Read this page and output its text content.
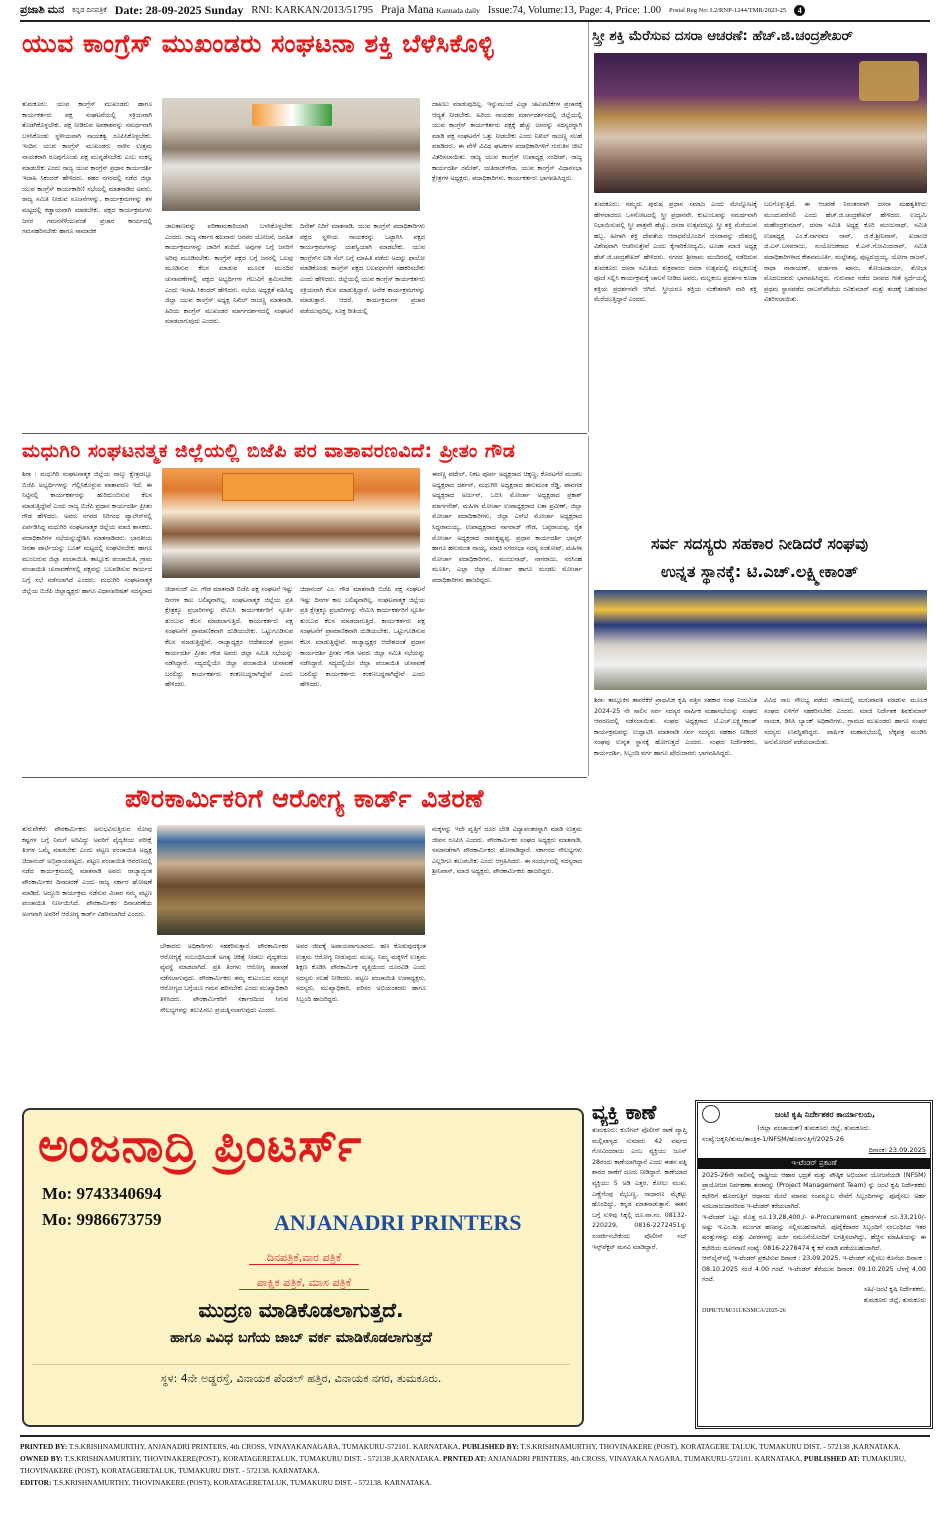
ಪ್ರಜಾಶಿ ಮನ ಕನ್ನಡ ದಿನಪತ್ರಿಕೆ Date: 28-09-2025 Sunday RNI: KARKAN/2013/51795 Praja Mana Kannada daily Issue:74, Volume:13, Page: 4, Price: 1.00 Postal Reg No: L2/RNP-1244/TMR/2023-25	4
ಯುವ ಕಾಂಗ್ರೆಸ್ ಮುಖಂಡರು ಸಂಘಟನಾ ಶಕ್ತಿ ಬೆಳೆಸಿಕೊಳ್ಳಿ
ತುಮಕೂರು: ಯುವ ಕಾಂಗ್ರೆಸ್ ಮುಖಂಡರು ಹಾಗೂ ಕಾರ್ಯಕರ್ತರು ಪಕ್ಷ ಸಂಘಟನೆಯಲ್ಲಿ ಸಕ್ರಿಯವಾಗಿ ತೊಡಗಿಕೊಳ್ಳಬೇಕು. ಪಕ್ಷ ನೀಡಿರುವ ಅವಕಾಶವನ್ನು ಸಮರ್ಥವಾಗಿ ಬಳಸಿಕೊಂಡು ಸ್ಥಳೀಯವಾಗಿ ನಾಯಕತ್ವ ರೂಪಿಸಿಕೊಳ್ಳಬೇಕು. ಇಂದಿನ ಯುವ ಕಾಂಗ್ರೆಸ್ ಮುಖಂಡರು ನಾಳಿನ ಉತ್ತಮ ನಾಯಕರಾಗಿ ರೂಪುಗೊಂಡು ಪಕ್ಷ ಮುನ್ನಡೆಸಬೇಕು ಎಂಬ ಸಂಕಲ್ಪ ಮಾಡಬೇಕು ಎಂದು ರಾಜ್ಯ ಯುವ ಕಾಂಗ್ರೆಸ್ ಪ್ರಧಾನ ಕಾರ್ಯದರ್ಶಿ ಇಲಾಹಿ ಸಿಕಂದರ್ ಹೇಳಿದರು. ಶಹರ ನಗರದಲ್ಲಿ ನಡೆದ ಜಿಲ್ಲಾ ಯುವ ಕಾಂಗ್ರೆಸ್ ಕಾರ್ಯಕಾರಿಣಿ ಸಭೆಯಲ್ಲಿ ಮಾತನಾಡಿದ ಅವರು, ರಾಜ್ಯ ಸಮಿತಿ ನೀಡುವ ಸೂಚನೆಗಳನ್ನು, ಕಾರ್ಯಕ್ರಮಗಳನ್ನು ತಳ ಮಟ್ಟದಲ್ಲಿ ಕಡ್ಡಾಯವಾಗಿ ಮಾಡಬೇಕು. ಪಕ್ಷದ ಕಾರ್ಯಕ್ರಮಗಳು ಜನರ ಗಮನಸೆಳೆಯುವಂತೆ ಪ್ರಚಾರ ಕಾರ್ಯದಲ್ಲಿ ಗಮನಹರಿಸಬೇಕು ಹಾಗೂ ಸಾಮಾಜಿಕ
ಜಾಲತಾಣವನ್ನು ಪರಿಣಾಮಕಾರಿಯಾಗಿ ಬಳಸಿಕೊಳ್ಳಬೇಕು ಎಂದರು. ರಾಜ್ಯ ಸರ್ಕಾರ ಹಲವಾರು ಜನಪರ ಯೋಜನೆ, ಜನಹಿತ ಕಾರ್ಯಕ್ರಮಗಳನ್ನು ಜಾರಿಗೆ ತಂದಿದೆ. ಅವುಗಳ ಬಗ್ಗೆ ಜನರಿಗೆ ಅರಿವು ಮೂಡಿಸಬೇಕು. ಕಾಂಗ್ರೆಸ್ ಪಕ್ಷದ ಬಗ್ಗೆ ಜನರಲ್ಲಿ ಒಲವು ಮೂಡಿಸುವ ಕೆಲಸ ಮಾಡುವ ಮೂಲಕ ಮುಂದಿನ ಚುನಾವಣೆಗಳಲ್ಲಿ ಪಕ್ಷದ ಅಭ್ಯರ್ಥಿಗಳ ಗೆಲುವಿಗೆ ಶ್ರಮಿಸಬೇಕು ಎಂದು ಇಲಾಹಿ ಸಿಕಂದರ್ ಹೇಳಿದರು. ಸಭೆಯ ಅಧ್ಯಕ್ಷತೆ ವಹಿಸಿದ್ದ ಜಿಲ್ಲಾ ಯುವ ಕಾಂಗ್ರೆಸ್ ಅಧ್ಯಕ್ಷ ನಿಖಿಲ್ ರಾಜಣ್ಣ ಮಾತನಾಡಿ, ಹಿರಿಯ ಕಾಂಗ್ರೆಸ್ ಮುಖಂಡರ ಮಾರ್ಗದರ್ಶನದಲ್ಲಿ ಸಂಘಟನೆ ಮಾಡಲಾಗುವುದು ಎಂದರು.
ದಿನೇಶ್ ನಿರಿಗೆ ಮಾತನಾಡಿ, ಯುವ ಕಾಂಗ್ರೆಸ್ ಪದಾಧಿಕಾರಿಗಳು ಪಕ್ಷದ ಸ್ಥಳೀಯ ನಾಯಕರನ್ನು ಒಟ್ಟಾಗಿಸಿ ಪಕ್ಷದ ಕಾರ್ಯಕ್ರಮಗಳನ್ನು ಯಶಸ್ವಿಯಾಗಿ ಮಾಡಬೇಕು. ಯುವ ಕಾಂಗ್ರೆಸ್‌ನ ಐಡಿ ಸೆಲ್ ಬಗ್ಗೆ ಮಾಹಿತಿ ಪಡೆದು ಅದನ್ನು ಫಾಲೋ ಮಾಡಿಕೊಂಡು ಕಾಂಗ್ರೆಸ್ ಪಕ್ಷದ ಬಲವರ್ಧನೆಗೆ ಸಹಕರಿಸಬೇಕು ಎಂದು ಹೇಳಿದರು. ಜಿಲ್ಲೆಯಲ್ಲಿ ಯುವ ಕಾಂಗ್ರೆಸ್ ಕಾರ್ಯಕರ್ತರು ಸಕ್ರಿಯವಾಗಿ ಕೆಲಸ ಮಾಡುತ್ತಿದ್ದಾರೆ. ಅನೇಕ ಕಾರ್ಯಕ್ರಮಗಳನ್ನು ಮಾಡುತ್ತಾರೆ. ಆದರೆ, ಕಾರ್ಯಕ್ರಮಗಳ ಪ್ರಚಾರ ಪಡೆಯುವುದಿಲ್ಲ, ಸೂಕ್ತ ರೀತಿಯಲ್ಲಿ
ದಾಖಲು ಮಾಡುವುದಿಲ್ಲ. ಇನ್ನುಮುಂದೆ ಎಲ್ಲಾ ಚಟುವಟಿಕೆಗಳ ಪ್ರಚಾರಕ್ಕೆ ಆದ್ಯತೆ ನೀಡಬೇಕು. ಹಿರಿಯ ನಾಯಕರ ಮಾರ್ಗದರ್ಶನದಲ್ಲಿ ಜಿಲ್ಲೆಯಲ್ಲಿ ಯುವ ಕಾಂಗ್ರೆಸ್ ಕಾರ್ಯಕರ್ತರು ಪಕ್ಷಕ್ಕೆ ಹೆಚ್ಚು ಜನರನ್ನು ಸದಸ್ಯರನ್ನಾಗಿ ಮಾಡಿ ಪಕ್ಷ ಸಂಘಟನೆಗೆ ಒತ್ತು ನೀಡಬೇಕು ಎಂದು ನಿಖಿಲ್ ರಾಜಣ್ಣ ಸಲಹೆ ಮಾಡಿದರು. ಈ ವೇಳೆ ವಿವಿಧ ಘಟಕಗಳ ಪದಾಧಿಕಾರಿಗಳಿಗೆ ಗುರುತಿನ ಚೀಟಿ ವಿತರಿಸಲಾಯಿತು. ರಾಜ್ಯ ಯುವ ಕಾಂಗ್ರೆಸ್ ಉಪಾಧ್ಯಕ್ಷ ಸಂದೀಪ್, ರಾಜ್ಯ ಕಾರ್ಯದರ್ಶಿ ರಮೇಶ್, ಯತಿರಾಜ್‌ಗೌಡ, ಯುವ ಕಾಂಗ್ರೆಸ್ ವಿಧಾನಸಭಾ ಕ್ಷೇತ್ರಗಳ ಅಧ್ಯಕ್ಷರು, ಪದಾಧಿಕಾರಿಗಳು, ಕಾರ್ಯಕರ್ತರು ಭಾಗವಹಿಸಿದ್ದರು.
ಸ್ತ್ರೀ ಶಕ್ತಿ ಮೆರೆಸುವ ದಸರಾ ಆಚರಣೆ: ಹೆಚ್.ಜಿ.ಚಂದ್ರಶೇಖರ್
ತುಮಕೂರು: ನಮ್ಮದು ಪುರುಷ ಪ್ರಧಾನ ಸಮಾಜ ಎಂದು ಮೇಲ್ನೋಟಕ್ಕೆ ಹೇಳಲಾದರೂ ಒಳನೋಟದಲ್ಲಿ ಸ್ತ್ರೀ ಪ್ರಧಾನವೇ. ಕುಟುಂಬವನ್ನು ಸಮರ್ಥವಾಗಿ ನಿಭಾಯಿಸುವಲ್ಲಿ ಸ್ತ್ರೀ ಪಾತ್ರವೇ ಹೆಚ್ಚು. ದಸರಾ ಉತ್ಸವದಲ್ಲೂ ಸ್ತ್ರೀ ಶಕ್ತಿ ಮೆರೆಯುವ ಹಬ್ಬ. ಹೀಗಾಗಿ ಶಕ್ತಿ ದೇವತೆಯ ಆರಾಧನೆಯೊಂದಿಗೆ ದಸರಾವನ್ನು ದೇಶದಲ್ಲಿ ವಿಶೇಷವಾಗಿ ಆಚರಿಸುತ್ತೇವೆ ಎಂದು ಕೈಗಾರಿಕೋದ್ಯಮಿ, ಟೂಡಾ ಮಾಜಿ ಅಧ್ಯಕ್ಷ ಹೆಚ್.ಜಿ.ಚಂದ್ರಶೇಖರ್ ಹೇಳಿದರು. ನಗರದ ಶ್ರೀರಾಮ ಮಂದಿರದಲ್ಲಿ ನಡೆದಿರುವ ತುಮಕೂರು ದಸರಾ ಸಮಿತಿಯ ಶುಕ್ರವಾರದ ದಸರಾ ಉತ್ಸವದಲ್ಲಿ ಮಲ್ಲಕಂಬಕ್ಕೆ ಪೂಜೆ ಸಲ್ಲಿಸಿ ಕಾರ್ಯಕ್ರಮಕ್ಕೆ ಚಾಲನೆ ನೀಡಿದ ಅವರು, ಮಲ್ಲಕಂಬ ಪ್ರದರ್ಶನ ಕೂಡಾ ಶಕ್ತಿಯ ಪ್ರದರ್ಶನವೇ ಆಗಿದೆ. ಸ್ತ್ರೀಯರೂ ಶಕ್ತಿಯ ಸಂಕೇತವಾಗಿ ನಾರಿ ಶಕ್ತಿ ಮೆರೆಯುತ್ತಿದ್ದಾರೆ ಎಂದರು.
ಬಲಗೊಳ್ಳುತ್ತಿದೆ. ಈ ಆಚರಣೆ ನಿರಂತರವಾಗಿ ದಸರಾ ಮಹತ್ವತಿಳಿದು ಮುಂದುವರೆಸಲಿ ಎಂದು ಹೆಚ್.ಜಿ.ಚಂದ್ರಶೇಖರ್ ಹೇಳಿದರು. ಉದ್ಯಮಿ ಮಹೇಂದ್ರಕುಮಾರ್, ದಸರಾ ಸಮಿತಿ ಅಧ್ಯಕ್ಷ ಕೊರಿ ಮಂಜುನಾಥ್, ಸಮಿತಿ ಉಪಾಧ್ಯಕ್ಷ ಎಂ.ಕೆ.ನಾಗರಾಜ ರಾವ್, ಜಿ.ಕೆ.ಶ್ರೀನಿವಾಸ್, ಖಜಾಂಚಿ ಜಿ.ಎಸ್.ಬಸವರಾಜು, ಸಂಯೋಜಕರಾದ ಕೆ.ಎನ್.ಗೋವಿಂದರಾವ್, ಸಮಿತಿ ಪದಾಧಿಕಾರಿಗಳಾದ ಕೇಶವಮೂರ್ತಿ, ಮಲ್ಲೇಶಪ್ಪ, ಪುಟ್ಟರುದ್ರಯ್ಯ, ಯೋಗಾ ರಾಜನ್, ರಾಧಾ ನಾರಾಯಣ್, ಫರ್ಜಾನಾ ಖಾನಂ, ತೋಂಟದಾರ್ಯ, ಶೋಭಾ ಮೊದಲದವರು ಭಾಗವಹಿಸಿದ್ದರು. ಗುರುವಾರ ನಡೆದ ಜನಪದ ಗೀತೆ ಸ್ಪರ್ಧೆಯಲ್ಲಿ ಪ್ರಥಮ ಸ್ಥಾನಪಡೆದ ದಾಬಸ್‌ಪೇಟೆಯ ರವಿಕುಮಾರ್ ಮತ್ತು ತಂಡಕ್ಕೆ ಬಹುಮಾನ ವಿತರಿಸಲಾಯಿತು.
ಮಧುಗಿರಿ ಸಂಘಟನತ್ಮಕ ಜಿಲ್ಲೆಯಲ್ಲಿ ಬಿಜೆಪಿ ಪರ ವಾತಾವರಣವಿದೆ: ಪ್ರೀತಂ ಗೌಡ
ಶಿರಾ : ಮಧುಗಿರಿ ಸಂಘಟನಾತ್ಮಕ ಜಿಲ್ಲೆಯ ನಾಲ್ಕು ಕ್ಷೇತ್ರದಲ್ಲೂ ಬಿಜೆಪಿ ಅಭ್ಯರ್ಥಿಗಳನ್ನು ಗೆಲ್ಲಿಸಿಕೊಳ್ಳುವ ವಾತಾವರಣ ಇದೆ. ಈ ನಿಟ್ಟಿನಲ್ಲಿ ಕಾರ್ಯಕರ್ತರನ್ನು ಹುರಿದುಂಬಿಸುವ ಕೆಲಸ ಮಾಡುತ್ತಿದ್ದೇವೆ ಎಂದು ರಾಜ್ಯ ಬಿಜೆಪಿ ಪ್ರಧಾನ ಕಾರ್ಯದರ್ಶಿ ಪ್ರೀತಂ ಗೌಡ ಹೇಳಿದರು. ಅವರು ನಗರದ ಸಿರಿಗಂಧ ಪ್ಯಾಲೇಸ್‌ನಲ್ಲಿ ಏರ್ಪಡಿಸಿದ್ದ ಮಧುಗಿರಿ ಸಂಘಟನಾತ್ಮಕ ಜಿಲ್ಲೆಯ ಮಾಜಿ ಶಾಸಕರು, ಪದಾಧಿಕಾರಿಗಳ ಸಭೆಯನ್ನುದ್ದೇಶಿಸಿ ಮಾತನಾಡಿದರು. ಭಾರತೀಯ ಜನತಾ ಪಾರ್ಟಿಯನ್ನು ಬೂತ್ ಮಟ್ಟದಲ್ಲಿ ಸಂಘಟಿಸಬೇಕು ಹಾಗೂ ಮುಂಬರುವ ಜಿಲ್ಲಾ ಪಂಚಾಯಿತಿ, ತಾಲ್ಲೂಕು ಪಂಚಾಯಿತಿ, ಗ್ರಾಮ ಪಂಚಾಯಿತಿ ಚುನಾವಣೆಗಳಲ್ಲಿ ಪಕ್ಷವನ್ನು ಬಲಪಡಿಸುವ ಕಾರ್ಯದ ಬಗ್ಗೆ ಸಭೆ ನಡೆಸಲಾಗಿದೆ ಎಂದರು. ಮಧುಗಿರಿ ಸಂಘಟನಾತ್ಮಕ ಜಿಲ್ಲೆಯ ಬಿಜೆಪಿ ಜಿಲ್ಲಾಧ್ಯಕ್ಷರು ಹಾಗೂ ವಿಧಾನಪರಿಷತ್ ಸದಸ್ಯರಾದ ಚಿದಾನಂದ್ ಎಂ. ಗೌಡ ಮಾತನಾಡಿ ಬಿಜೆಪಿ ಪಕ್ಷ ಸಂಘಟನೆ ಇಷ್ಟು ದಿನಗಳ ಕಾಲ ಬಲಿಷ್ಠವಾಗಿಲ್ಲ. ಸಂಘಟನಾತ್ಮಕ ಜಿಲ್ಲೆಯ ಪ್ರತಿ ಕ್ಷೇತ್ರಕ್ಕೂ ಪ್ರಭಾರಿಗಳನ್ನು ನೇಮಿಸಿ ಕಾರ್ಯಕರ್ತರಿಗೆ ಸ್ಪೂರ್ತಿ ತುಂಬುವ ಕೆಲಸ ಮಾಡಲಾಗುತ್ತಿದೆ. ಕಾರ್ಯಕರ್ತರು ಪಕ್ಷ ಸಂಘಟನೆಗೆ ಪ್ರಾಮಾಣಿಕವಾಗಿ ದುಡಿಯಬೇಕು. ಒಟ್ಟುಗೂಡಿಸುವ ಕೆಲಸ ಮಾಡುತ್ತಿದ್ದೇವೆ. ರಾಜ್ಯಾಧ್ಯಕ್ಷರ ಆದೇಶದಂತೆ ಪ್ರಧಾನ ಕಾರ್ಯದರ್ಶಿ ಪ್ರೀತಂ ಗೌಡ ಅವರು ಜಿಲ್ಲಾ ಸಮಿತಿ ಸಭೆಯನ್ನು ನಡೆಸಿದ್ದಾರೆ. ಸದ್ಯದಲ್ಲಿಯೇ ಜಿಲ್ಲಾ ಪಂಚಾಯಿತಿ ಚುನಾವಣೆ ಬರಲಿದ್ದು ಕಾರ್ಯಕರ್ತರು ಕಂಕಣಬದ್ಧರಾಗಿದ್ದೇವೆ ಎಂದು ಹೇಳಿದರು.
ಚಿದಾನಂದ್ ಎಂ. ಗೌಡ ಮಾತನಾಡಿ ಬಿಜೆಪಿ ಪಕ್ಷ ಸಂಘಟನೆ ಇಷ್ಟು ದಿನಗಳ ಕಾಲ ಬಲಿಷ್ಠವಾಗಿಲ್ಲ. ಸಂಘಟನಾತ್ಮಕ ಜಿಲ್ಲೆಯ ಪ್ರತಿ ಕ್ಷೇತ್ರಕ್ಕೂ ಪ್ರಭಾರಿಗಳನ್ನು ನೇಮಿಸಿ ಕಾರ್ಯಕರ್ತರಿಗೆ ಸ್ಪೂರ್ತಿ ತುಂಬುವ ಕೆಲಸ ಮಾಡಲಾಗುತ್ತಿದೆ. ಕಾರ್ಯಕರ್ತರು ಪಕ್ಷ ಸಂಘಟನೆಗೆ ಪ್ರಾಮಾಣಿಕವಾಗಿ ದುಡಿಯಬೇಕು. ಒಟ್ಟುಗೂಡಿಸುವ ಕೆಲಸ ಮಾಡುತ್ತಿದ್ದೇವೆ. ರಾಜ್ಯಾಧ್ಯಕ್ಷರ ಆದೇಶದಂತೆ ಪ್ರಧಾನ ಕಾರ್ಯದರ್ಶಿ ಪ್ರೀತಂ ಗೌಡ ಅವರು ಜಿಲ್ಲಾ ಸಮಿತಿ ಸಭೆಯನ್ನು ನಡೆಸಿದ್ದಾರೆ. ಸದ್ಯದಲ್ಲಿಯೇ ಜಿಲ್ಲಾ ಪಂಚಾಯಿತಿ ಚುನಾವಣೆ ಬರಲಿದ್ದು ಕಾರ್ಯಕರ್ತರು ಕಂಕಣಬದ್ಧರಾಗಿದ್ದೇವೆ ಎಂದು ಹೇಳಿದರು.
ಈರಣ್ಣ ಪಟೇಲ್, ನಿಕಟ ಪೂರ್ವ ಅಧ್ಯಕ್ಷರಾದ ಚಿಕ್ಕಣ್ಣ, ಕೊರಟಗೆರೆ ಮಂಡಲ ಅಧ್ಯಕ್ಷರಾದ ದರ್ಶನ್, ಮಧುಗಿರಿ ಅಧ್ಯಕ್ಷರಾದ ಹನುಮಂತ ರೆಡ್ಡಿ, ಪಾವಗಡ ಅಧ್ಯಕ್ಷರಾದ ಅರ್ಜುನ್, ಒಬಿಸಿ ಮೋರ್ಚಾ ಅಧ್ಯಕ್ಷರಾದ ಪ್ರಕಾಶ್ ಮಾರ್ಗನೇಶ್, ಮಹಿಳಾ ಮೋರ್ಚಾ ಉಪಾಧ್ಯಕ್ಷರಾದ ಲತಾ ಪ್ರವೀಣ್, ಜಿಲ್ಲಾ ಮೋರ್ಚಾ ಪದಾಧಿಕಾರಿಗಳು, ಜಿಲ್ಲಾ ಎಸ್‌ಟಿ ಮೋರ್ಚಾ ಅಧ್ಯಕ್ಷರಾದ ಸಿದ್ದರಾಮಯ್ಯ, ಉಪಾಧ್ಯಕ್ಷರಾದ ನಾಗರಾಜ್ ಗೌಡ, ಬಪ್ಪರಾಯಪ್ಪ, ರೈತ ಮೋರ್ಚಾ ಅಧ್ಯಕ್ಷರಾದ ರಾಮಕೃಷ್ಣಪ್ಪ, ಪ್ರಧಾನ ಕಾರ್ಯದರ್ಶಿ ಭಾಸ್ಕರ್ ಹಾಗೂ ಹನುಮಂತ ನಾಯ್ಕ, ಮಾಜಿ ನಗರಸಭಾ ಸದಸ್ಯ ಸಂತೋಷ್, ಮಹಿಳಾ ಮೋರ್ಚಾ ಪದಾಧಿಕಾರಿಗಳು, ಮಂಜುನಾಥ್, ನಾಗರಾಜು, ನರಸಿಂಹ ಮೂರ್ತಿ, ಎಲ್ಲಾ ಜಿಲ್ಲಾ ಮೋರ್ಚಾ ಹಾಗೂ ಮಂಡಲ ಮೋರ್ಚಾ ಪದಾಧಿಕಾರಿಗಳು ಹಾಜರಿದ್ದರು.
ಸರ್ವ ಸದಸ್ಯರು ಸಹಕಾರ ನೀಡಿದರೆ ಸಂಘವು
ಉನ್ನತ ಸ್ಥಾನಕ್ಕೆ: ಟಿ.ಎಚ್.ಲಕ್ಷ್ಮೀಕಾಂತ್
ಶಿರಾ: ತಾಲ್ಲೂಕಿನ ತಾವರೆಕೆರೆ ಪ್ರಾಥಮಿಕ ಕೃಷಿ ಪತ್ತಿನ ಸಹಕಾರ ಸಂಘ ನಿಯಮಿತ 2024-25 ನೇ ಸಾಲಿನ ಸರ್ವ ಸದಸ್ಯರ ವಾರ್ಷಿಕ ಮಹಾಸಭೆಯನ್ನು ಸಂಘದ ಆವರಣದಲ್ಲಿ ನಡೆಸಲಾಯಿತು. ಸಂಘದ ಅಧ್ಯಕ್ಷರಾದ ಟಿ.ಎಚ್.ಲಕ್ಷ್ಮೀಕಾಂತ್ ಕಾರ್ಯಕ್ರಮವನ್ನು ಉದ್ಘಾಟಿಸಿ ಮಾತನಾಡಿ ಸರ್ವ ಸದಸ್ಯರು ಸಹಕಾರ ನೀಡಿದರೆ ಸಂಘವು ಉನ್ನತ ಸ್ಥಾನಕ್ಕೆ ಹೋಗುತ್ತದೆ ಎಂದರು. ಸಂಘದ ನಿರ್ದೇಶಕರು, ಕಾರ್ಯದರ್ಶಿ, ಸಿಬ್ಬಂದಿ ವರ್ಗ ಹಾಗೂ ಷೇರುದಾರರು ಭಾಗವಹಿಸಿದ್ದರು.
ವಿವಿಧ ಸಾಲ ಸೌಲಭ್ಯ ಪಡೆದು ಸಕಾಲದಲ್ಲಿ ಮರುಪಾವತಿ ಮಾಡುವ ಮೂಲಕ ಸಂಘದ ಏಳಿಗೆಗೆ ಸಹಕರಿಸಬೇಕು ಎಂದರು. ಮಾಜಿ ನಿರ್ದೇಶಕ ಶಿವಕುಮಾರ್ ನಾಯಕ, ಡಿಸಿಸಿ ಬ್ಯಾಂಕ್ ಅಧಿಕಾರಿಗಳು, ಗ್ರಾಮದ ಮುಖಂಡರು ಹಾಗೂ ಸಂಘದ ಸದಸ್ಯರು ಉಪಸ್ಥಿತರಿದ್ದರು. ವಾರ್ಷಿಕ ಮಹಾಸಭೆಯಲ್ಲಿ ಲೆಕ್ಕಪತ್ರ ಮಂಡಿಸಿ ಅನುಮೋದನೆ ಪಡೆಯಲಾಯಿತು.
ಪೌರಕಾರ್ಮಿಕರಿಗೆ ಆರೋಗ್ಯ ಕಾರ್ಡ್ ವಿತರಣೆ
ತುರುವೇಕೆರೆ: ಪೌರಕಾರ್ಮಿಕರು ಅನುಭವಿಸುತ್ತಿರುವ ನೋವು ಕಷ್ಟಗಳ ಬಗ್ಗೆ ನಿಮಗೆ ಅರಿವಿದ್ದು ಅವರಿಗೆ ವೈದ್ಯಕೀಯ ಪರೀಕ್ಷೆ ತಿಂಗಳ ಒಮ್ಮೆ ಮಾಡಬೇಕು ಎಂದು ಪಟ್ಟಣ ಪಂಚಾಯಿತಿ ಅಧ್ಯಕ್ಷ ಚಿದಾನಂದ್ ಅಭಿಪ್ರಾಯಪಟ್ಟರು. ಪಟ್ಟಣ ಪಂಚಾಯಿತಿ ಆವರಣದಲ್ಲಿ ನಡೆದ ಕಾರ್ಯಕ್ರಮದಲ್ಲಿ ಮಾತನಾಡಿ ಅವರು ರಾಜ್ಯಾದ್ಯಂತ ಪೌರಕಾರ್ಮಿಕರ ದಿನಾಚರಣೆ ಎಂದು ರಾಜ್ಯ ಸರ್ಕಾರ ಘೋಷಣೆ ಮಾಡಿದೆ. ಅದ್ದೂರಿ ಕಾರ್ಯಕ್ರಮ ನಡೆಸುವ ವಿಚಾರ ನಮ್ಮ ಪಟ್ಟಣ ಪಂಚಾಯಿತಿ ನಿರ್ಣಯಿಸಿದೆ. ಪೌರಕಾರ್ಮಿಕರ ದಿನಾಚರಣೆಯ ಅಂಗವಾಗಿ ಅವರಿಗೆ ಆರೋಗ್ಯ ಕಾರ್ಡ್ ವಿತರಿಸಲಾಗಿದೆ ಎಂದರು.
ಬೇಕಾದರು ಅಧಿಕಾರಿಗಳು ಸಹಕರಿಸುತ್ತಾರೆ. ಪೌರಕಾರ್ಮಿಕರ ಆರೋಗ್ಯಕ್ಕೆ ಸಂಬಂಧಿಸಿದಂತೆ ಅಗತ್ಯ ಚಿಕಿತ್ಸೆ ನೀಡಲು ವೈದ್ಯಕೀಯ ವ್ಯವಸ್ಥೆ ಮಾಡಲಾಗಿದೆ. ಪ್ರತಿ ತಿಂಗಳು ಆರೋಗ್ಯ ತಪಾಸಣೆ ನಡೆಸಲಾಗುವುದು. ಪೌರಕಾರ್ಮಿಕರು ತಮ್ಮ ಕುಟುಂಬದ ಸದಸ್ಯರ ಆರೋಗ್ಯದ ಬಗ್ಗೆಯೂ ಗಮನ ಹರಿಸಬೇಕು ಎಂದು ಮುಖ್ಯಾಧಿಕಾರಿ ತಿಳಿಸಿದರು. ಪೌರಕಾರ್ಮಿಕರಿಗೆ ಸರ್ಕಾರದಿಂದ ಸಿಗುವ ಸೌಲಭ್ಯಗಳನ್ನು ತಲುಪಿಸಲು ಪ್ರಯತ್ನಿಸಲಾಗುವುದು ಎಂದರು.
ಅವರ ಜೀವಕ್ಕೆ ಅಪಾಯವಾಗಬಾರದು. ಹಣ ಕೊಡುವುದಕ್ಕಿಂತ ಉತ್ತಮ ಆರೋಗ್ಯ ನೀಡುವುದು ಮುಖ್ಯ. ನಿಮ್ಮ ಮಕ್ಕಳಿಗೆ ಉತ್ತಮ ಶಿಕ್ಷಣ ಕೊಡಿಸಿ ಪೌರಕಾರ್ಮಿಕ ವೃತ್ತಿಯಿಂದ ದೂರವಿಡಿ ಎಂದು ಸದಸ್ಯರು ಸಲಹೆ ನೀಡಿದರು. ಪಟ್ಟಣ ಪಂಚಾಯಿತಿ ಉಪಾಧ್ಯಕ್ಷರು, ಸದಸ್ಯರು, ಮುಖ್ಯಾಧಿಕಾರಿ, ಪರಿಸರ ಅಭಿಯಂತರರು ಹಾಗೂ ಸಿಬ್ಬಂದಿ ಹಾಜರಿದ್ದರು.
ಮಕ್ಕಳನ್ನು ಇದೇ ವೃತ್ತಿಗೆ ದೂರ ಬೇಡಿ ವಿದ್ಯಾವಂತರನ್ನಾಗಿ ಮಾಡಿ ಉತ್ತಮ ಜೀವನ ರೂಪಿಸಿ ಎಂದರು. ಪೌರಕಾರ್ಮಿಕರ ಸಂಘದ ಅಧ್ಯಕ್ಷರು ಮಾತನಾಡಿ, ಸಮಾನತೆಗಾಗಿ ಪೌರಕಾರ್ಮಿಕರು ಹೋರಾಡಿದ್ದಾರೆ. ಸರ್ಕಾರದ ಸೌಲಭ್ಯಗಳು ಎಲ್ಲರಿಗೂ ತಲುಪಬೇಕು ಎಂದು ಆಗ್ರಹಿಸಿದರು. ಈ ಸಂದರ್ಭದಲ್ಲಿ ಸದಸ್ಯರಾದ ಶ್ರೀನಿವಾಸ್, ಮಾಜಿ ಅಧ್ಯಕ್ಷರು, ಪೌರಕಾರ್ಮಿಕರು ಹಾಜರಿದ್ದರು.
ವ್ಯಕ್ತಿ ಕಾಣೆ
ತುಮಕೂರು: ಕುಣಿಗಲ್ ಪೊಲೀಸ್ ಠಾಣೆ ವ್ಯಾಪ್ತಿ ಮಲ್ಲಿಪಾಳ್ಯದ ಸುಮಾರು 42 ವರ್ಷದ ಗೋವಿಂದರಾಜು ಎಂಬ ವ್ಯಕ್ತಿಯು ಜೂನ್ 28ರಂದು ಕಾಣೆಯಾಗಿದ್ದಾನೆ ಎಂದು ಈತನ ಪತ್ನಿ ಶಾರದ ಠಾಣೆಗೆ ದೂರು ನೀಡಿದ್ದಾರೆ. ಕಾಣೆಯಾದ ವ್ಯಕ್ತಿಯು 5 ಅಡಿ ಎತ್ತರ, ಕೋಲು ಮುಖ, ಎಣ್ಣೆಗೆಂಪು ಮೈಬಣ್ಣ, ಸಾಧಾರಣ ಮೈಕಟ್ಟು ಹೊಂದಿದ್ದು, ಕನ್ನಡ ಮಾತನಾಡುತ್ತಾನೆ. ಈತನ ಬಗ್ಗೆ ಸುಳಿವು ಸಿಕ್ಕಲ್ಲಿ ದೂ.ವಾ.ಸಂ. 08132-220229, 0816-2272451ನ್ನು ಸಂಪರ್ಕಿಸಬೇಕೆಂದು ಪೊಲೀಸ್ ಸಬ್ ಇನ್ಸ್‌ಪೆಕ್ಟರ್ ಮನವಿ ಮಾಡಿದ್ದಾರೆ.
ಜಂಟಿ ಕೃಷಿ ನಿರ್ದೇಶಕರ ಕಾರ್ಯಾಲಯ,
(ಜಿಲ್ಲಾ ಪಂಚಾಯತ್) ತುಮಕೂರು ಜಿಲ್ಲೆ, ತುಮಕೂರು.
ಸಂಖ್ಯೆ:ಜಕೃನಿ/ತುಮ/ತಾಂತ್ರಿಕ-1/NFSM/ಹೊರಗುತ್ತಿಗೆ/2025-26
ದಿನಾಂಕ: 23.09.2025
ಇ-ಟೆಂಡರ್ ಪ್ರಕಟಣೆ
2025-26ನೇ ಸಾಲಿನಲ್ಲಿ ರಾಷ್ಟ್ರೀಯ ಆಹಾರ ಭದ್ರತೆ ಮತ್ತು ಪೌಷ್ಠಿಕ ಅಭಿಯಾನ ಯೋಜನೆಯಡಿ (NFSM) ಪ್ರಾಯೋಜನ ನಿರ್ವಹಣಾ ತಂಡವನ್ನು (Project Management Team) ನ್ನು ಜಂಟಿ ಕೃಷಿ ನಿರ್ದೇಶಕರು ಕಛೇರಿಗೆ ಹೊರಗುತ್ತಿಗೆ ಆಧಾರದ ಮೇಲೆ ಮಾನವ ಸಂಪನ್ಮೂಲ ಸೇವೆಗೆ ಸಿಬ್ಬಂದಿಗಳನ್ನು ಪೂರೈಸಲು ಅರ್ಹ ಸರಬರಾಜುದಾರರಿಂದ ಇ-ಟೆಂಡರ್ ಕರೆಯಲಾಗಿದೆ.
ಇ-ಟೆಂಡರ್ ಒಟ್ಟು ಮೊತ್ತ ರೂ.13,28,400./- e-Procurement ಪ್ರಕಾರಗಳಂತೆ ರೂ.33,210/- ಅಷ್ಟು ಇ.ಎಂ.ಡಿ. ಮುಂಗಡ ಹಣವನ್ನು ಸಲ್ಲಿಸಬಹುದಾಗಿದೆ. ಪೂರೈಕೆದಾರರ ಸಿಬ್ಬಂದಿಗೆ ಸಂಬಂಧಿಸಿದ ಇತರ ಷರತ್ತುಗಳನ್ನು ಮತ್ತು ವಿವರಗಳನ್ನು ಅರ್ಜಿ ನಮೂನೆಯೊಂದಿಗೆ ಲಗತ್ತಿಸಲಾಗಿದ್ದು, ಹೆಚ್ಚಿನ ಮಾಹಿತಿಯನ್ನು ಈ ಕಛೇರಿಯ ದೂರವಾಣಿ ಸಂಖ್ಯೆ: 0816-2278474 ಕ್ಕೆ ಕರೆ ಮಾಡಿ ಪಡೆಯಬಹುದಾಗಿದೆ.
ಆನ್‌ಲೈನ್‌ನಲ್ಲಿ ಇ-ಟೆಂಡರ್ ಪ್ರಕಟಿಸುವ ದಿನಾಂಕ : 23.09.2025. ಇ-ಟೆಂಡರ್ ಸಲ್ಲಿಸಲು ಕೊನೆಯ ದಿನಾಂಕ : 08.10.2025 ಸಂಜೆ 4.00 ಗಂಟೆ. ಇ-ಟೆಂಡರ್ ತೆರೆಯುವ ದಿನಾಂಕ: 09.10.2025 ಬೆಳಗ್ಗೆ 4.00 ಗಂಟೆ.
ಸಹಿ/-ಜಂಟಿ ಕೃಷಿ ನಿರ್ದೇಶಕರು,
ತುಮಕೂರು ಜಿಲ್ಲೆ, ತುಮಕೂರು
DIPR/TUM/311/KSMCA/2025-26
ಅಂಜನಾದ್ರಿ ಪ್ರಿಂಟರ್ಸ್
Mo: 9743340694
Mo: 9986673759	ANJANADRI PRINTERS
ದಿನಪತ್ರಿಕೆ,ವಾರ ಪತ್ರಿಕೆ
ಪಾಕ್ಷಿಕ ಪತ್ರಿಕೆ, ಮಾಸ ಪತ್ರಿಕೆ
ಮುದ್ರಣ ಮಾಡಿಕೊಡಲಾಗುತ್ತದೆ.
ಹಾಗೂ ವಿವಿಧ ಬಗೆಯ ಜಾಬ್ ವರ್ಕ ಮಾಡಿಕೊಡಲಾಗುತ್ತದೆ
ಸ್ಥಳ: 4ನೇ ಅಡ್ಡರಸ್ತೆ, ವಿನಾಯಕ ಪೆಂಡಲ್ ಹತ್ತಿರ, ವಿನಾಯಕ ನಗರ, ತುಮಕೂರು.
PRINTED BY: T.S.KRISHNAMURTHY, ANJANADRI PRINTERS, 4th CROSS, VINAYAKANAGARA, TUMAKURU-572101. KARNATAKA, PUBLISHED BY: T.S.KRISHNAMURTHY, THOVINAKERE (POST), KORATAGERE TALUK, TUMAKURU DIST. - 572138 ,KARNATAKA. OWNED BY: T.S.KRISHNAMURTHY, THOVINAKERE(POST), KORATAGERETALUK, TUMAKURU DIST. - 572138 ,KARNATAKA. PRNTED AT: ANJANADRI PRINTERS, 4th CROSS, VINAYAKA NAGARA, TUMAKURU-572101. KARNATAKA, PUBLISHED AT: TUMAKURU, THOVINAKERE (POST), KORATAGERETALUK, TUMAKURU DIST. - 572138. KARNATAKA.
EDITOR: T.S.KRISHNAMURTHY, THOVINAKERE (POST), KORATAGERETALUK, TUMAKURU DIST. - 572138. KARNATAKA.
